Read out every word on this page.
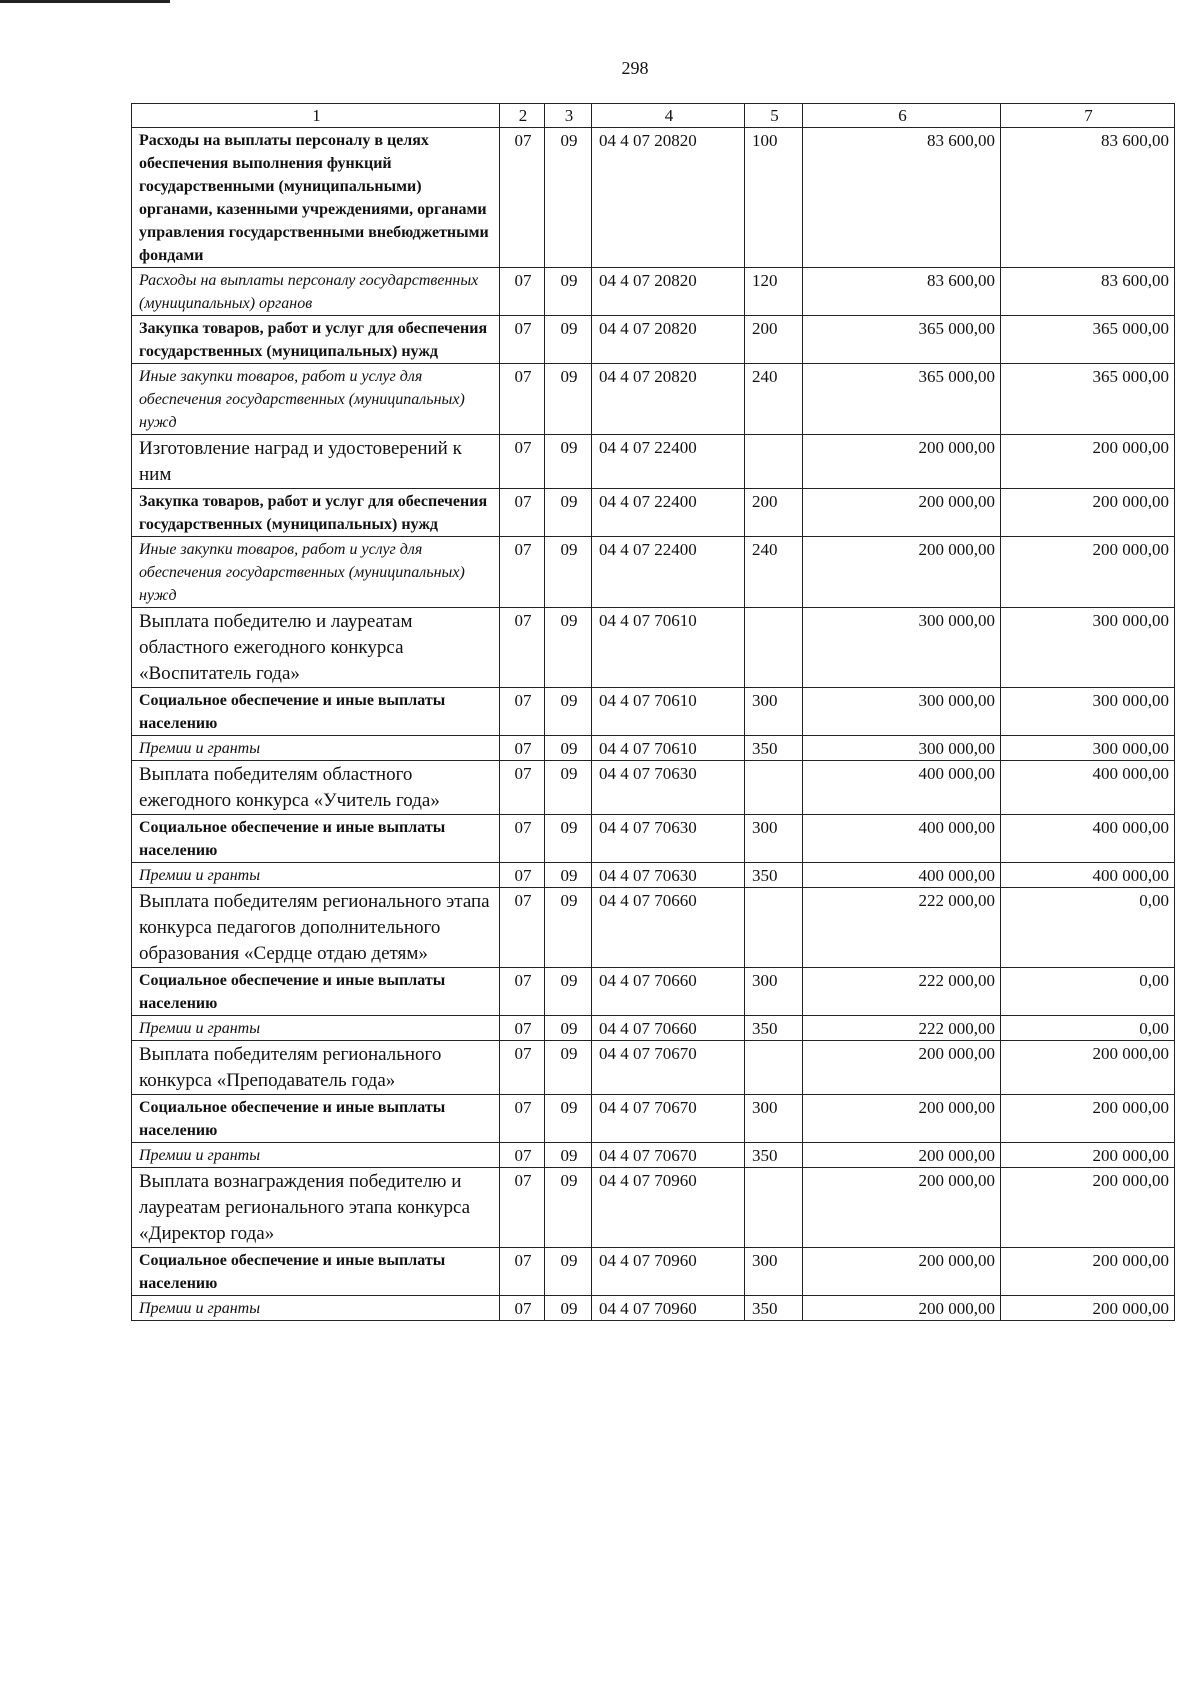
298
1	2	3	4	5	6	7
Расходы на выплаты персоналу в целях обеспечения выполнения функций государственными (муниципальными) органами, казенными учреждениями, органами управления государственными внебюджетными фондами	07	09	04 4 07 20820	100	83 600,00	83 600,00
Расходы на выплаты персоналу государственных (муниципальных) органов	07	09	04 4 07 20820	120	83 600,00	83 600,00
Закупка товаров, работ и услуг для обеспечения государственных (муниципальных) нужд	07	09	04 4 07 20820	200	365 000,00	365 000,00
Иные закупки товаров, работ и услуг для обеспечения государственных (муниципальных) нужд	07	09	04 4 07 20820	240	365 000,00	365 000,00
Изготовление наград и удостоверений к ним	07	09	04 4 07 22400		200 000,00	200 000,00
Закупка товаров, работ и услуг для обеспечения государственных (муниципальных) нужд	07	09	04 4 07 22400	200	200 000,00	200 000,00
Иные закупки товаров, работ и услуг для обеспечения государственных (муниципальных) нужд	07	09	04 4 07 22400	240	200 000,00	200 000,00
Выплата победителю и лауреатам областного ежегодного конкурса «Воспитатель года»	07	09	04 4 07 70610		300 000,00	300 000,00
Социальное обеспечение и иные выплаты населению	07	09	04 4 07 70610	300	300 000,00	300 000,00
Премии и гранты	07	09	04 4 07 70610	350	300 000,00	300 000,00
Выплата победителям областного ежегодного конкурса «Учитель года»	07	09	04 4 07 70630		400 000,00	400 000,00
Социальное обеспечение и иные выплаты населению	07	09	04 4 07 70630	300	400 000,00	400 000,00
Премии и гранты	07	09	04 4 07 70630	350	400 000,00	400 000,00
Выплата победителям регионального этапа конкурса педагогов дополнительного образования «Сердце отдаю детям»	07	09	04 4 07 70660		222 000,00	0,00
Социальное обеспечение и иные выплаты населению	07	09	04 4 07 70660	300	222 000,00	0,00
Премии и гранты	07	09	04 4 07 70660	350	222 000,00	0,00
Выплата победителям регионального конкурса «Преподаватель года»	07	09	04 4 07 70670		200 000,00	200 000,00
Социальное обеспечение и иные выплаты населению	07	09	04 4 07 70670	300	200 000,00	200 000,00
Премии и гранты	07	09	04 4 07 70670	350	200 000,00	200 000,00
Выплата вознаграждения победителю и лауреатам регионального этапа конкурса «Директор года»	07	09	04 4 07 70960		200 000,00	200 000,00
Социальное обеспечение и иные выплаты населению	07	09	04 4 07 70960	300	200 000,00	200 000,00
Премии и гранты	07	09	04 4 07 70960	350	200 000,00	200 000,00
